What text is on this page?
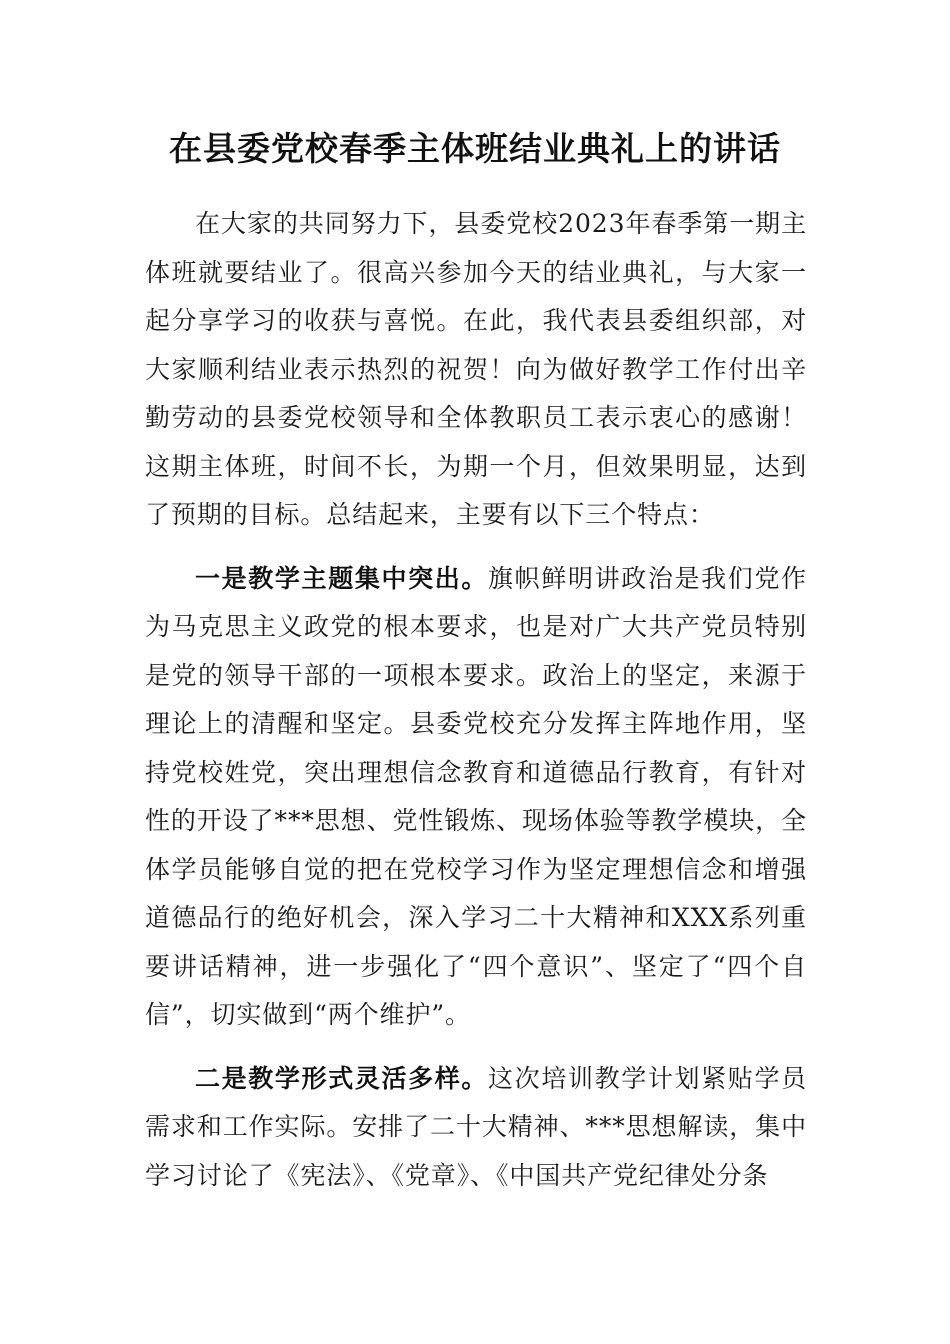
在县委党校春季主体班结业典礼上的讲话

在大家的共同努力下，县委党校2023年春季第一期主体班就要结业了。很高兴参加今天的结业典礼，与大家一起分享学习的收获与喜悦。在此，我代表县委组织部，对大家顺利结业表示热烈的祝贺！向为做好教学工作付出辛勤劳动的县委党校领导和全体教职员工表示衷心的感谢！这期主体班，时间不长，为期一个月，但效果明显，达到了预期的目标。总结起来，主要有以下三个特点：

一是教学主题集中突出。旗帜鲜明讲政治是我们党作为马克思主义政党的根本要求，也是对广大共产党员特别是党的领导干部的一项根本要求。政治上的坚定，来源于理论上的清醒和坚定。县委党校充分发挥主阵地作用，坚持党校姓党，突出理想信念教育和道德品行教育，有针对性的开设了***思想、党性锻炼、现场体验等教学模块，全体学员能够自觉的把在党校学习作为坚定理想信念和增强道德品行的绝好机会，深入学习二十大精神和XXX系列重要讲话精神，进一步强化了“四个意识”、坚定了“四个自信”，切实做到“两个维护”。

二是教学形式灵活多样。这次培训教学计划紧贴学员需求和工作实际。安排了二十大精神、***思想解读，集中学习讨论了《宪法》、《党章》、《中国共产党纪律处分条
